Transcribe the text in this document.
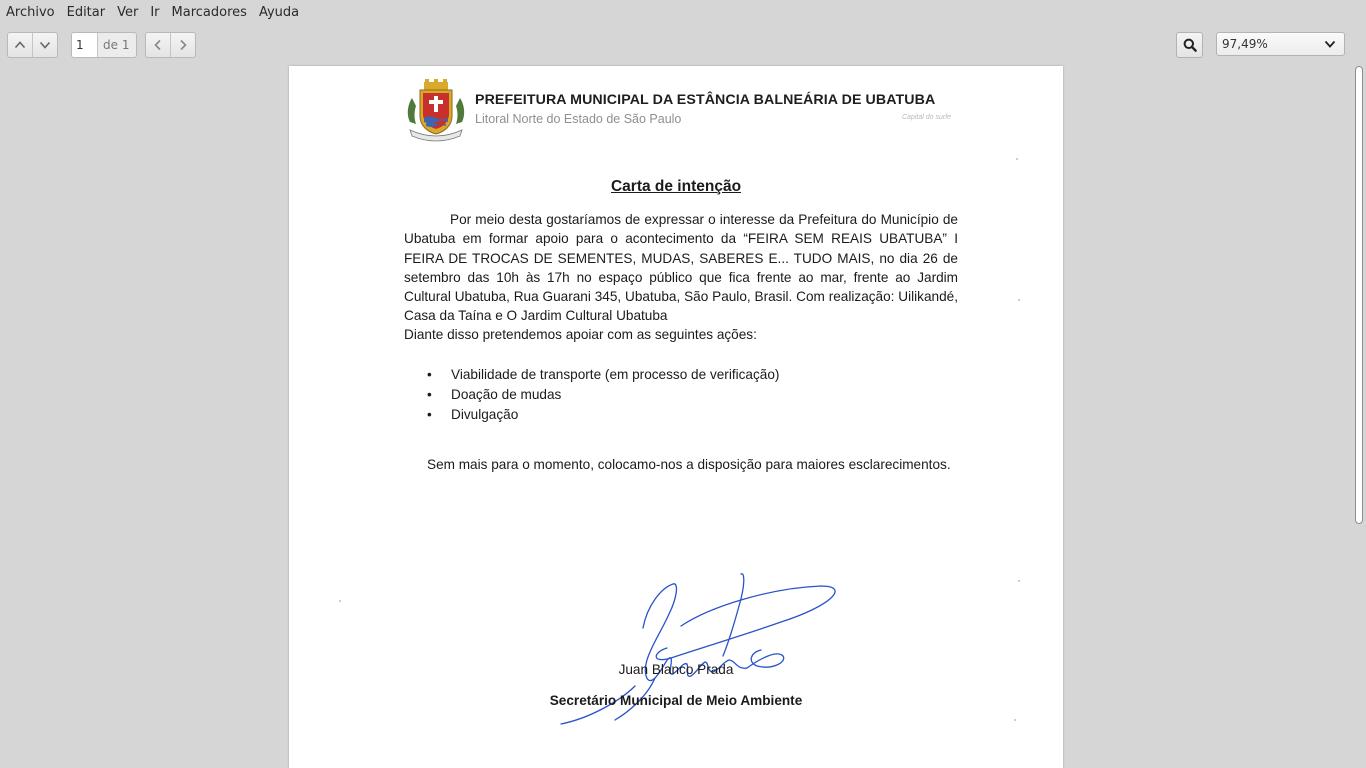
Archivo Editar Ver Ir Marcadores Ayuda
1
de 1	97,49%
PREFEITURA MUNICIPAL DA ESTÂNCIA BALNEÁRIA DE UBATUBA
Litoral Norte do Estado de São Paulo	Capital do surfe
Carta de intenção

Por meio desta gostaríamos de expressar o interesse da Prefeitura do Município de Ubatuba em formar apoio para o acontecimento da “FEIRA SEM REAIS UBATUBA” I FEIRA DE TROCAS DE SEMENTES, MUDAS, SABERES E... TUDO MAIS, no dia 26 de setembro das 10h às 17h no espaço público que fica frente ao mar, frente ao Jardim Cultural Ubatuba, Rua Guarani 345, Ubatuba, São Paulo, Brasil. Com realização: Uilikandé, Casa da Taína e O Jardim Cultural Ubatuba

Diante disso pretendemos apoiar com as seguintes ações:

• Viabilidade de transporte (em processo de verificação)
• Doação de mudas
• Divulgação

Sem mais para o momento, colocamo-nos a disposição para maiores esclarecimentos.

Juan Blanco Prada
Secretário Municipal de Meio Ambiente
